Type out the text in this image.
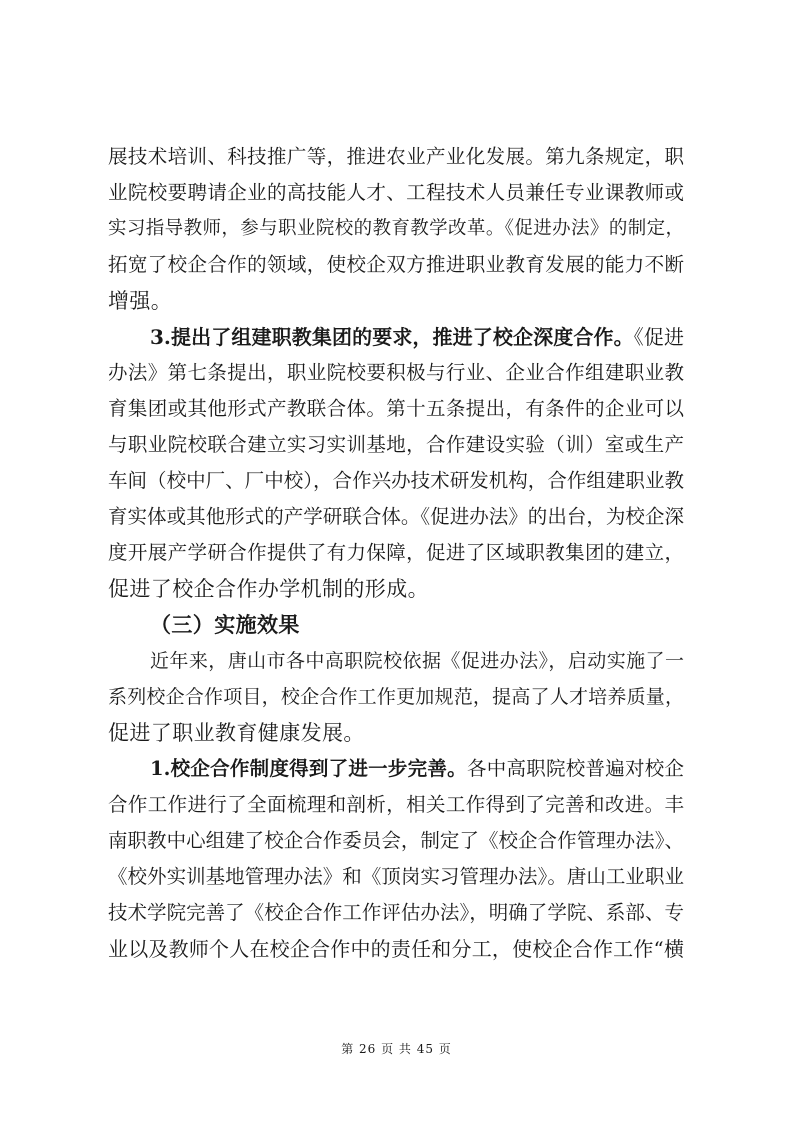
展技术培训、科技推广等，推进农业产业化发展。第九条规定，职
业院校要聘请企业的高技能人才、工程技术人员兼任专业课教师或
实习指导教师，参与职业院校的教育教学改革。《促进办法》的制定，
拓宽了校企合作的领域，使校企双方推进职业教育发展的能力不断
增强。
3.提出了组建职教集团的要求，推进了校企深度合作。《促进
办法》第七条提出，职业院校要积极与行业、企业合作组建职业教
育集团或其他形式产教联合体。第十五条提出，有条件的企业可以
与职业院校联合建立实习实训基地，合作建设实验（训）室或生产
车间（校中厂、厂中校），合作兴办技术研发机构，合作组建职业教
育实体或其他形式的产学研联合体。《促进办法》的出台，为校企深
度开展产学研合作提供了有力保障，促进了区域职教集团的建立，
促进了校企合作办学机制的形成。
（三）实施效果
近年来，唐山市各中高职院校依据《促进办法》，启动实施了一
系列校企合作项目，校企合作工作更加规范，提高了人才培养质量，
促进了职业教育健康发展。
1.校企合作制度得到了进一步完善。各中高职院校普遍对校企
合作工作进行了全面梳理和剖析，相关工作得到了完善和改进。丰
南职教中心组建了校企合作委员会，制定了《校企合作管理办法》、
《校外实训基地管理办法》和《顶岗实习管理办法》。唐山工业职业
技术学院完善了《校企合作工作评估办法》，明确了学院、系部、专
业以及教师个人在校企合作中的责任和分工，使校企合作工作“横
第 26 页 共 45 页
